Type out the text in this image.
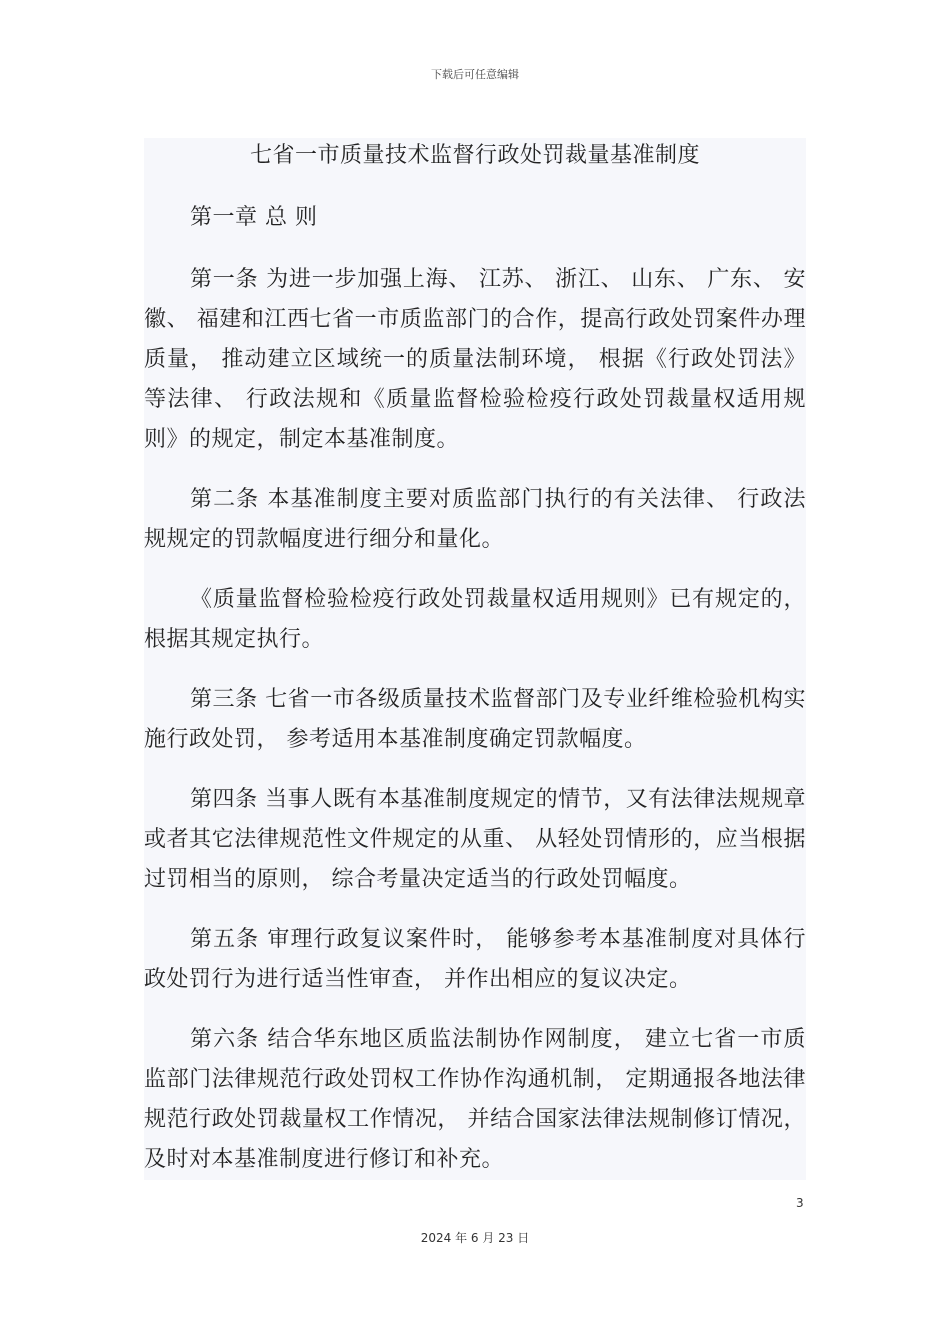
下载后可任意编辑
七省一市质量技术监督行政处罚裁量基准制度
第一章 总 则

第一条 为进一步加强上海、 江苏、 浙江、 山东、 广东、 安徽、 福建和江西七省一市质监部门的合作，提高行政处罚案件办理质量， 推动建立区域统一的质量法制环境， 根据《行政处罚法》等法律、 行政法规和《质量监督检验检疫行政处罚裁量权适用规则》的规定，制定本基准制度。

第二条 本基准制度主要对质监部门执行的有关法律、 行政法规规定的罚款幅度进行细分和量化。

《质量监督检验检疫行政处罚裁量权适用规则》已有规定的，根据其规定执行。

第三条 七省一市各级质量技术监督部门及专业纤维检验机构实施行政处罚， 参考适用本基准制度确定罚款幅度。

第四条 当事人既有本基准制度规定的情节，又有法律法规规章或者其它法律规范性文件规定的从重、 从轻处罚情形的，应当根据过罚相当的原则， 综合考量决定适当的行政处罚幅度。

第五条 审理行政复议案件时， 能够参考本基准制度对具体行政处罚行为进行适当性审查， 并作出相应的复议决定。

第六条 结合华东地区质监法制协作网制度， 建立七省一市质监部门法律规范行政处罚权工作协作沟通机制， 定期通报各地法律规范行政处罚裁量权工作情况， 并结合国家法律法规制修订情况， 及时对本基准制度进行修订和补充。

3
2024 年 6 月 23 日
